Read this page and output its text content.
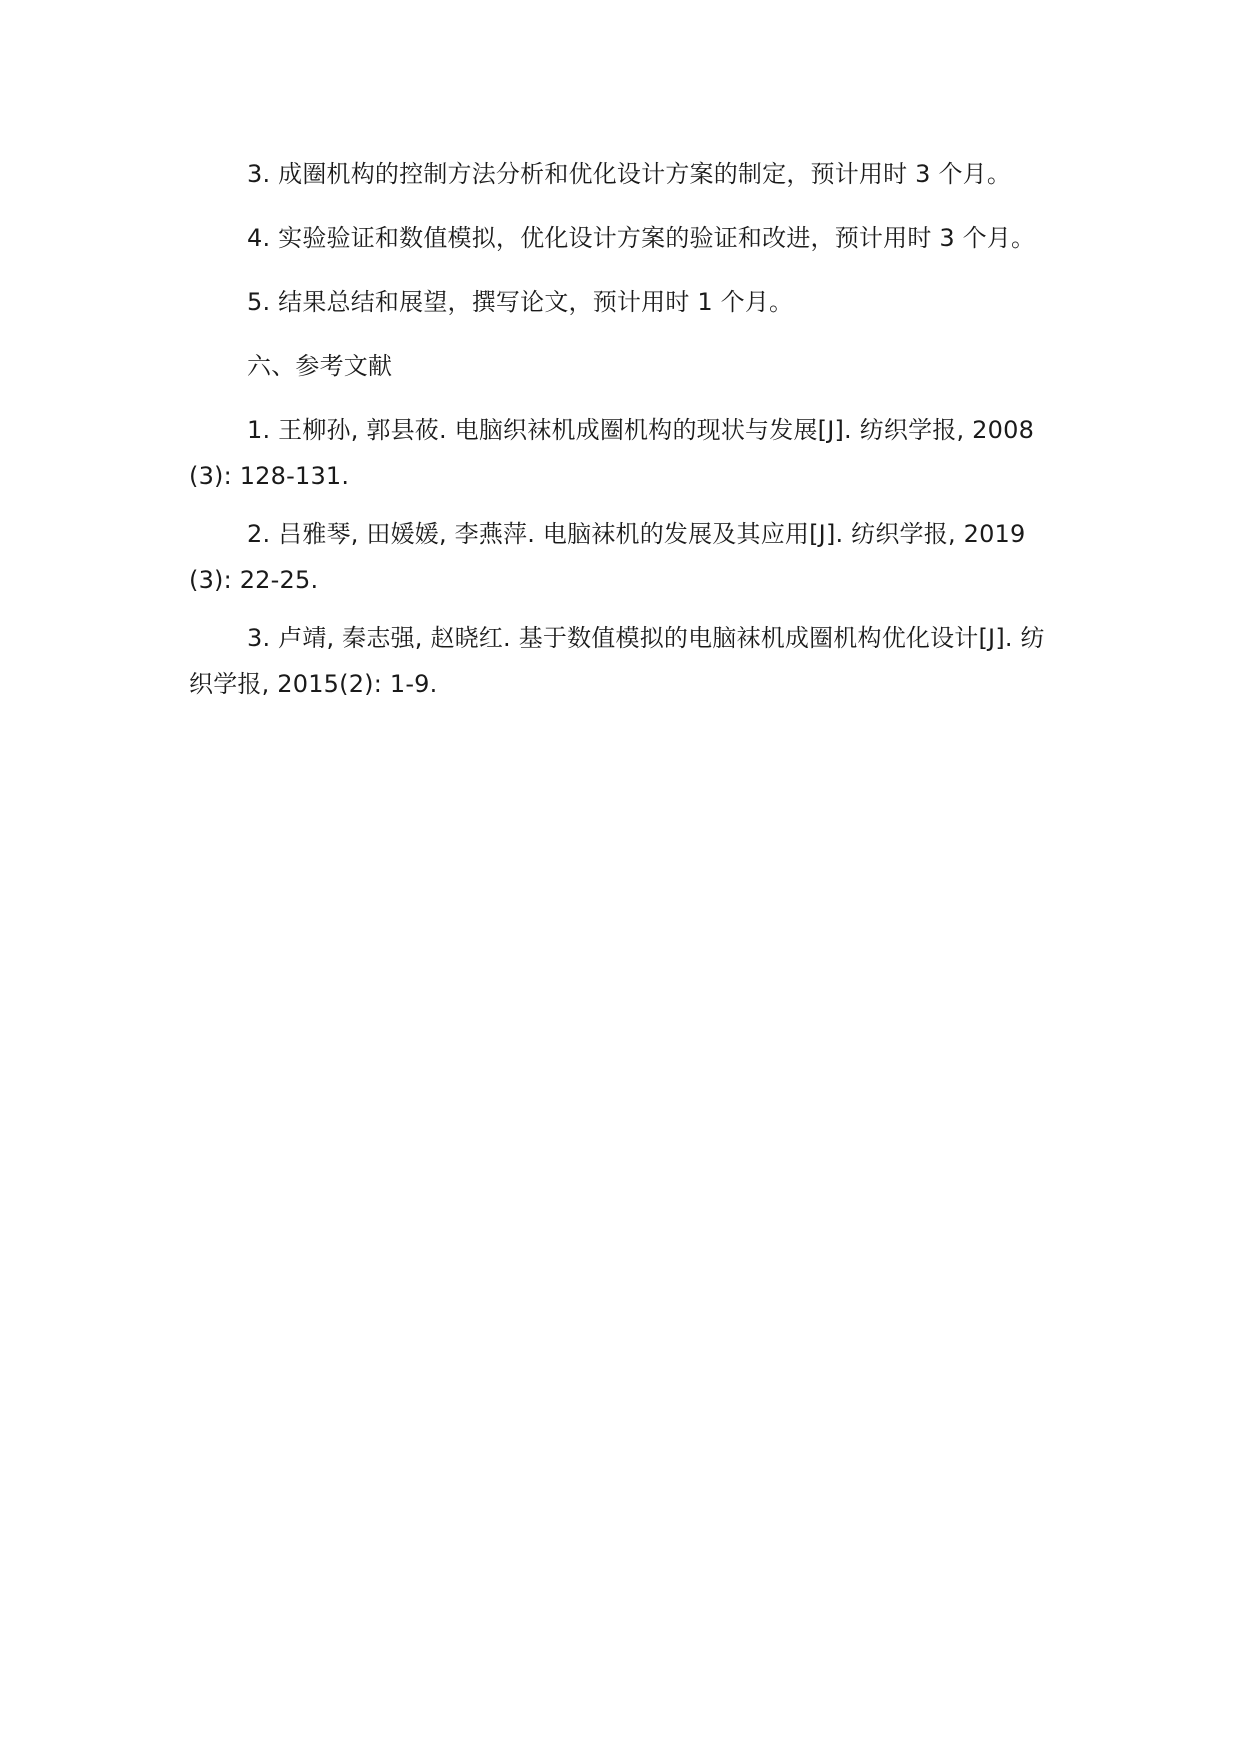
3. 成圈机构的控制方法分析和优化设计方案的制定，预计用时 3 个月。

4. 实验验证和数值模拟，优化设计方案的验证和改进，预计用时 3 个月。

5. 结果总结和展望，撰写论文，预计用时 1 个月。

六、参考文献

1. 王柳孙, 郭县莜. 电脑织袜机成圈机构的现状与发展[J]. 纺织学报, 2008(3): 128-131.

2. 吕雅琴, 田媛媛, 李燕萍. 电脑袜机的发展及其应用[J]. 纺织学报, 2019(3): 22-25.

3. 卢靖, 秦志强, 赵晓红. 基于数值模拟的电脑袜机成圈机构优化设计[J]. 纺织学报, 2015(2): 1-9.
